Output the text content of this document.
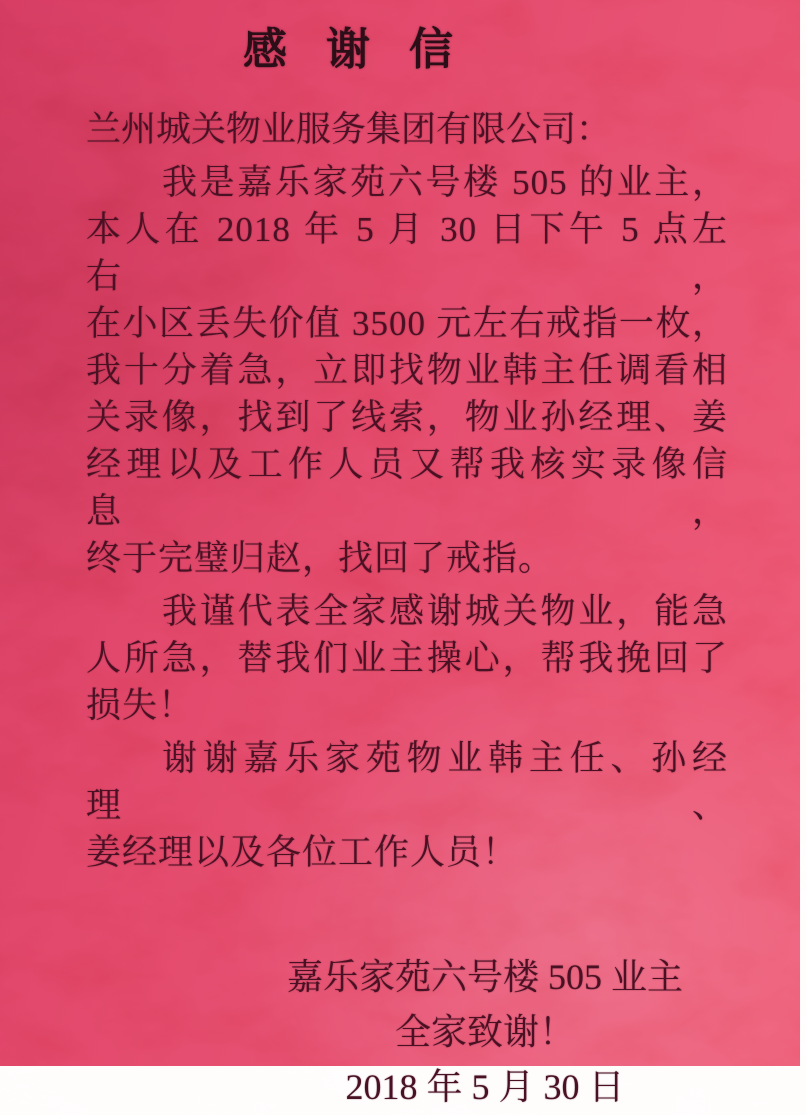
感 谢 信
兰州城关物业服务集团有限公司：
我是嘉乐家苑六号楼 505 的业主，
本人在 2018 年 5 月 30 日下午 5 点左右，
在小区丢失价值 3500 元左右戒指一枚，
我十分着急，立即找物业韩主任调看相
关录像，找到了线索，物业孙经理、姜
经理以及工作人员又帮我核实录像信息，
终于完璧归赵，找回了戒指。
我谨代表全家感谢城关物业，能急
人所急，替我们业主操心，帮我挽回了
损失！
谢谢嘉乐家苑物业韩主任、孙经理、
姜经理以及各位工作人员！
嘉乐家苑六号楼 505 业主
全家致谢！
2018 年 5 月 30 日
